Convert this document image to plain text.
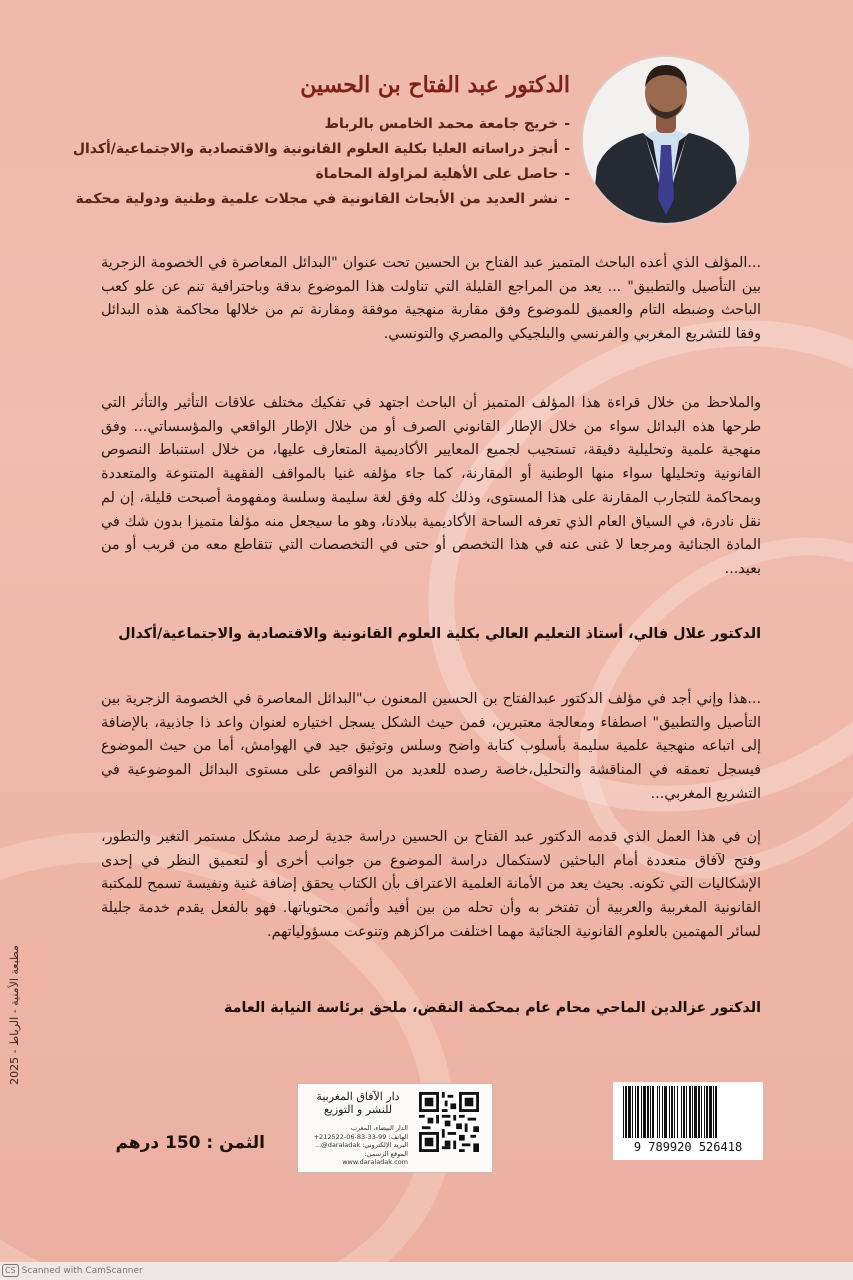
الدكتور عبد الفتاح بن الحسين
-خريج جامعة محمد الخامس بالرباط
-أنجز دراساته العليا بكلية العلوم القانونية والاقتصادية والاجتماعية/أكدال
-حاصل على الأهلية لمزاولة المحاماة
-نشر العديد من الأبحاث القانونية في مجلات علمية وطنية ودولية محكمة

...المؤلف الذي أعده الباحث المتميز عبد الفتاح بن الحسين تحت عنوان "البدائل المعاصرة في الخصومة الزجرية بين التأصيل والتطبيق" ... يعد من المراجع القليلة التي تناولت هذا الموضوع بدقة وباحترافية تنم عن علو كعب الباحث وضبطه التام والعميق للموضوع وفق مقاربة منهجية موفقة ومقارنة تم من خلالها محاكمة هذه البدائل وفقا للتشريع المغربي والفرنسي والبلجيكي والمصري والتونسي.

والملاحظ من خلال قراءة هذا المؤلف المتميز أن الباحث اجتهد في تفكيك مختلف علاقات التأثير والتأثر التي طرحها هذه البدائل سواء من خلال الإطار القانوني الصرف أو من خلال الإطار الواقعي والمؤسساتي... وفق منهجية علمية وتحليلية دقيقة، تستجيب لجميع المعايير الأكاديمية المتعارف عليها، من خلال استنباط النصوص القانونية وتحليلها سواء منها الوطنية أو المقارنة، كما جاء مؤلفه غنيا بالمواقف الفقهية المتنوعة والمتعددة وبمحاكمة للتجارب المقارنة على هذا المستوى، وذلك كله وفق لغة سليمة وسلسة ومفهومة أصبحت قليلة، إن لم نقل نادرة، في السياق العام الذي تعرفه الساحة الأكاديمية ببلادنا، وهو ما سيجعل منه مؤلفا متميزا بدون شك في المادة الجنائية ومرجعا لا غنى عنه في هذا التخصص أو حتى في التخصصات التي تتقاطع معه من قريب أو من بعيد...

الدكتور علال فالي، أستاذ التعليم العالي بكلية العلوم القانونية والاقتصادية والاجتماعية/أكدال

...هذا وإني أجد في مؤلف الدكتور عبدالفتاح بن الحسين المعنون ب"البدائل المعاصرة في الخصومة الزجرية بين التأصيل والتطبيق" اصطفاء ومعالجة معتبرين، فمن حيث الشكل يسجل اختياره لعنوان واعد ذا جاذبية، بالإضافة إلى اتباعه منهجية علمية سليمة بأسلوب كتابة واضح وسلس وتوثيق جيد في الهوامش، أما من حيث الموضوع فيسجل تعمقه في المناقشة والتحليل،خاصة رصده للعديد من النواقص على مستوى البدائل الموضوعية في التشريع المغربي...

إن في هذا العمل الذي قدمه الدكتور عبد الفتاح بن الحسين دراسة جدية لرصد مشكل مستمر التغير والتطور، وفتح لآفاق متعددة أمام الباحثين لاستكمال دراسة الموضوع من جوانب أخرى أو لتعميق النظر في إحدى الإشكاليات التي تكونه. بحيث يعد من الأمانة العلمية الاعتراف بأن الكتاب يحقق إضافة غنية ونفيسة تسمح للمكتبة القانونية المغربية والعربية أن تفتخر به وأن تحله من بين أفيد وأثمن محتوياتها. فهو بالفعل يقدم خدمة جليلة لسائر المهتمين بالعلوم القانونية الجنائية مهما اختلفت مراكزهم وتنوعت مسؤولياتهم.

الدكتور عزالدين الماحي محام عام بمحكمة النقض، ملحق برئاسة النيابة العامة

مطبعة الأمنية - الرباط - 2025
الثمن : 150 درهم
دار الآفاق المغربية
للنشر و التوزيع
الدار البيضاء، المغرب
الهاتف: 99-33-83-06-212522+
البريد الإلكتروني: daraladak@...
الموقع الرسمي: www.daraladak.com
9 789920 526418
CS Scanned with CamScanner
